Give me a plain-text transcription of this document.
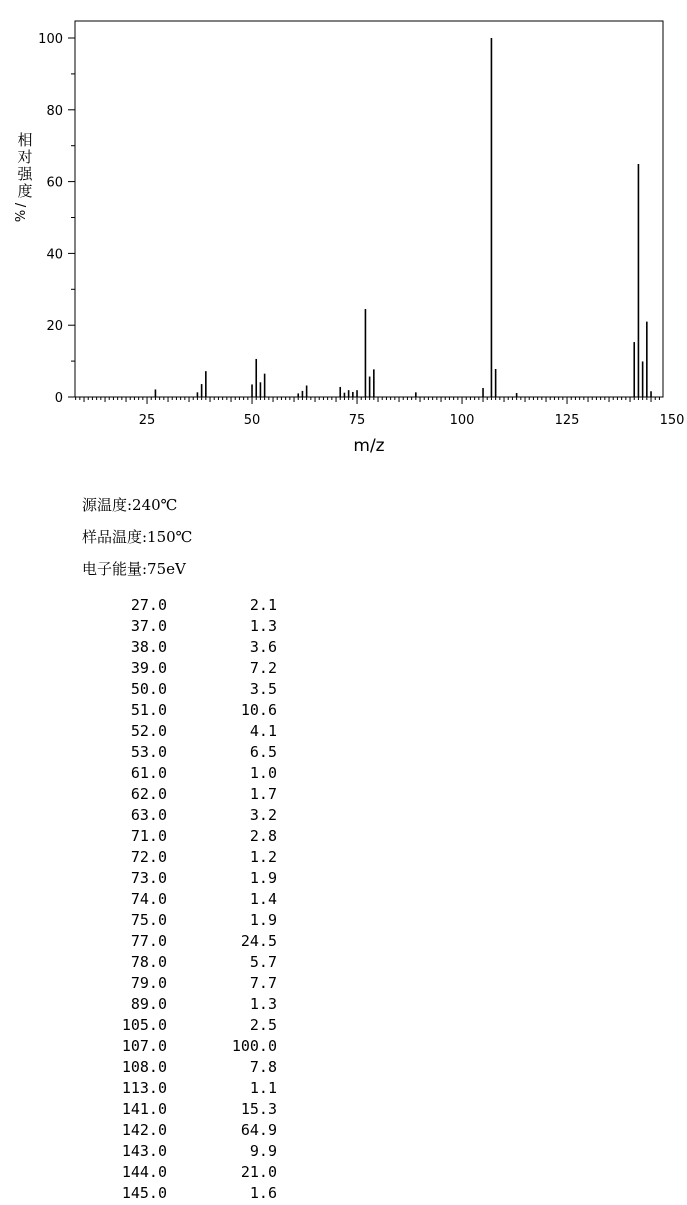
25	50	75	100	125	150
0
20
40
60
80
100
m/z
相
对
强
度
/
%
源温度:240℃
样品温度:150℃
电子能量:75eV
27.0	2.1
37.0	1.3
38.0	3.6
39.0	7.2
50.0	3.5
51.0	10.6
52.0	4.1
53.0	6.5
61.0	1.0
62.0	1.7
63.0	3.2
71.0	2.8
72.0	1.2
73.0	1.9
74.0	1.4
75.0	1.9
77.0	24.5
78.0	5.7
79.0	7.7
89.0	1.3
105.0	2.5
107.0	100.0
108.0	7.8
113.0	1.1
141.0	15.3
142.0	64.9
143.0	9.9
144.0	21.0
145.0	1.6
